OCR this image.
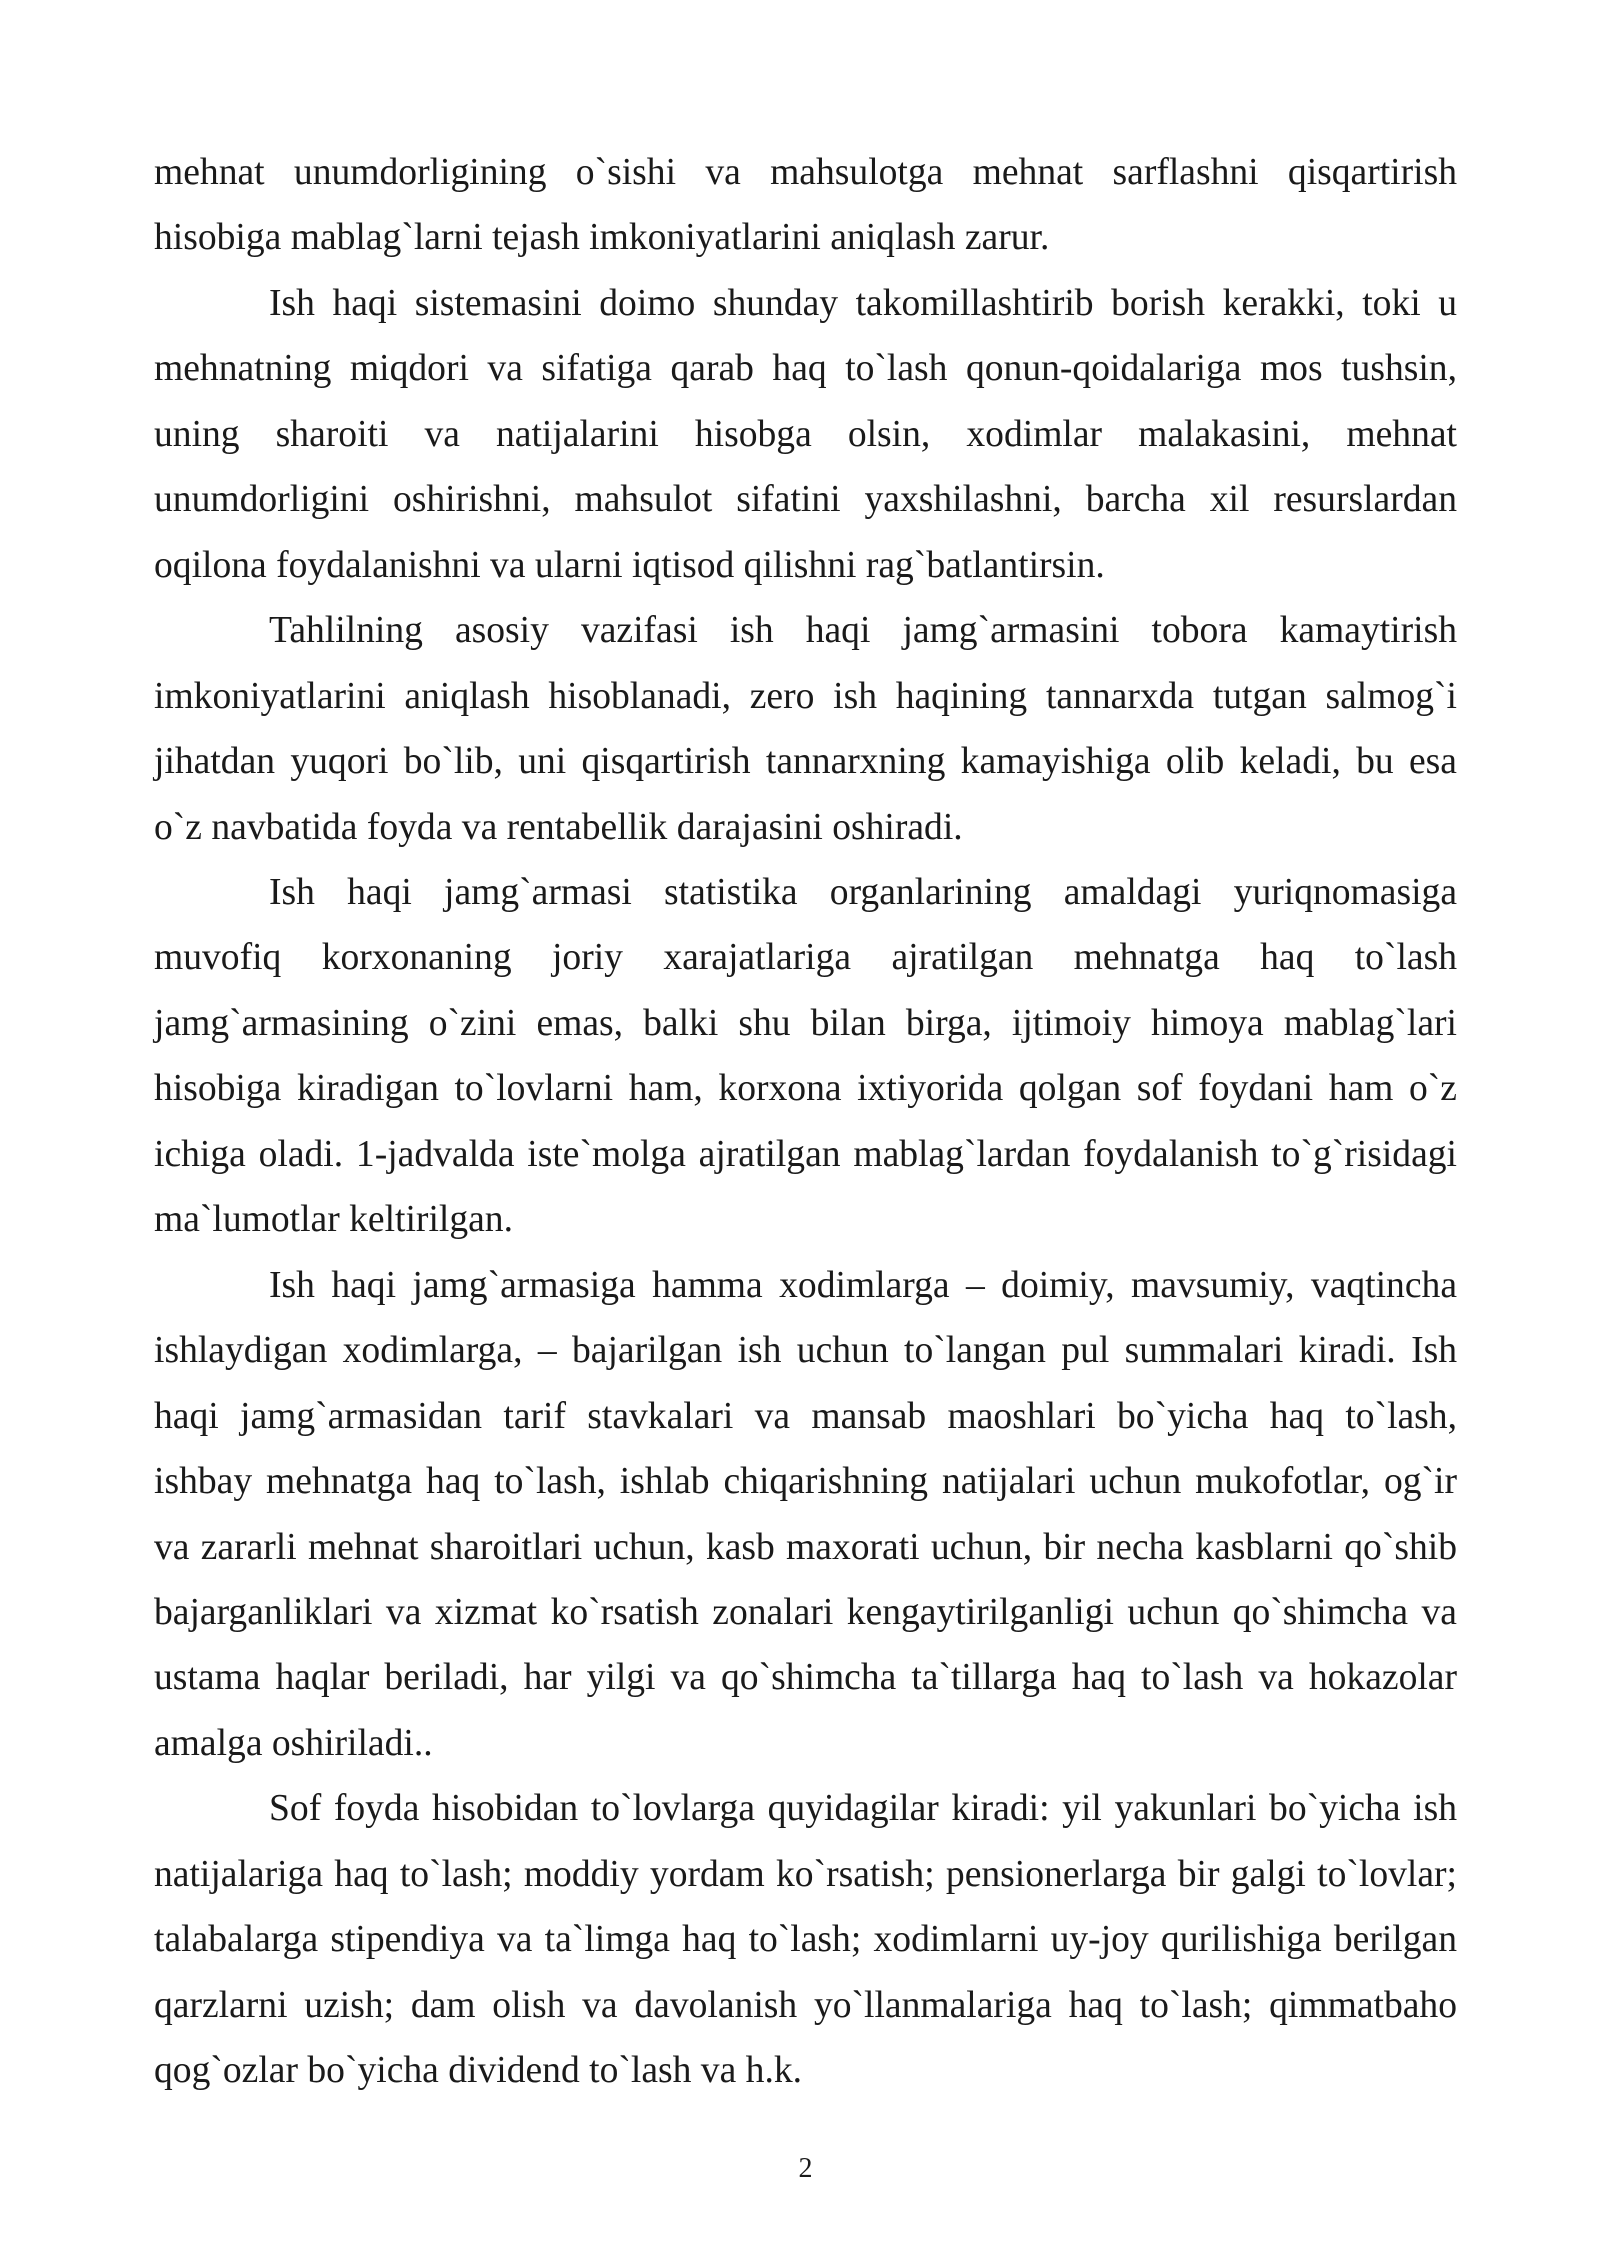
mehnat unumdorligining o`sishi va mahsulotga mehnat sarflashni qisqartirish
hisobiga mablag`larni tejash imkoniyatlarini aniqlash zarur.
Ish haqi sistemasini doimo shunday takomillashtirib borish kerakki, toki u
mehnatning miqdori va sifatiga qarab haq to`lash qonun-qoidalariga mos tushsin,
uning sharoiti va natijalarini hisobga olsin, xodimlar malakasini, mehnat
unumdorligini oshirishni, mahsulot sifatini yaxshilashni, barcha xil resurslardan
oqilona foydalanishni va ularni iqtisod qilishni rag`batlantirsin.
Tahlilning asosiy vazifasi ish haqi jamg`armasini tobora kamaytirish
imkoniyatlarini aniqlash hisoblanadi, zero ish haqining tannarxda tutgan salmog`i
jihatdan yuqori bo`lib, uni qisqartirish tannarxning kamayishiga olib keladi, bu esa
o`z navbatida foyda va rentabellik darajasini oshiradi.
Ish haqi jamg`armasi statistika organlarining amaldagi yuriqnomasiga
muvofiq korxonaning joriy xarajatlariga ajratilgan mehnatga haq to`lash
jamg`armasining o`zini emas, balki shu bilan birga, ijtimoiy himoya mablag`lari
hisobiga kiradigan to`lovlarni ham, korxona ixtiyorida qolgan sof foydani ham o`z
ichiga oladi. 1-jadvalda iste`molga ajratilgan mablag`lardan foydalanish to`g`risidagi
ma`lumotlar keltirilgan.
Ish haqi jamg`armasiga hamma xodimlarga – doimiy, mavsumiy, vaqtincha
ishlaydigan xodimlarga, – bajarilgan ish uchun to`langan pul summalari kiradi. Ish
haqi jamg`armasidan tarif stavkalari va mansab maoshlari bo`yicha haq to`lash,
ishbay mehnatga haq to`lash, ishlab chiqarishning natijalari uchun mukofotlar, og`ir
va zararli mehnat sharoitlari uchun, kasb maxorati uchun, bir necha kasblarni qo`shib
bajarganliklari va xizmat ko`rsatish zonalari kengaytirilganligi uchun qo`shimcha va
ustama haqlar beriladi, har yilgi va qo`shimcha ta`tillarga haq to`lash va hokazolar
amalga oshiriladi..
Sof foyda hisobidan to`lovlarga quyidagilar kiradi: yil yakunlari bo`yicha ish
natijalariga haq to`lash; moddiy yordam ko`rsatish; pensionerlarga bir galgi to`lovlar;
talabalarga stipendiya va ta`limga haq to`lash; xodimlarni uy-joy qurilishiga berilgan
qarzlarni uzish; dam olish va davolanish yo`llanmalariga haq to`lash; qimmatbaho
qog`ozlar bo`yicha dividend to`lash va h.k.
2
